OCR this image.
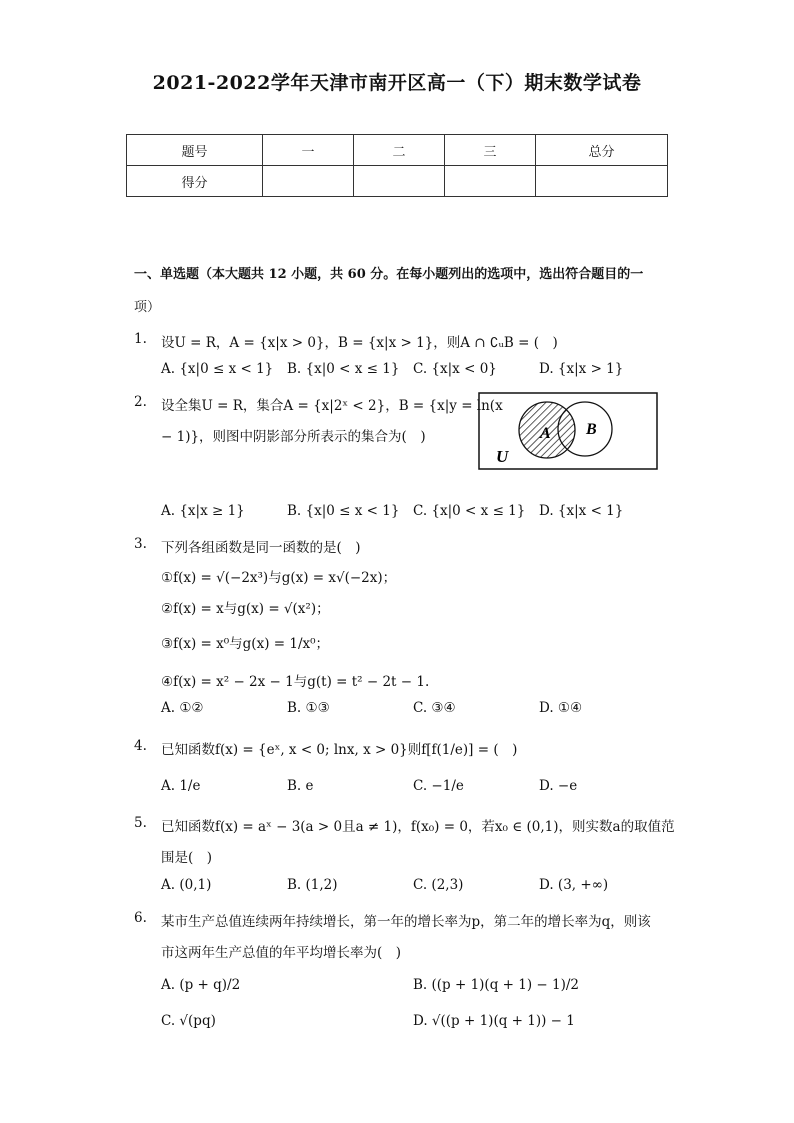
2021-2022学年天津市南开区高一（下）期末数学试卷
题号	一	二	三	总分
得分				
一、单选题（本大题共 12 小题，共 60 分。在每小题列出的选项中，选出符合题目的一
项）
1. 设U = R，A = {x|x > 0}，B = {x|x > 1}，则A ∩ ∁ᵤB = (　)
A. {x|0 ≤ x < 1} B. {x|0 < x ≤ 1} C. {x|x < 0}	D. {x|x > 1}
2. 设全集U = R，集合A = {x|2ˣ < 2}，B = {x|y = ln(x
− 1)}，则图中阴影部分所表示的集合为(　)	A B
U
A. {x|x ≥ 1}	B. {x|0 ≤ x < 1} C. {x|0 < x ≤ 1} D. {x|x < 1}
3. 下列各组函数是同一函数的是(　)
①f(x) = √(−2x³)与g(x) = x√(−2x)；
②f(x) = x与g(x) = √(x²)；
③f(x) = x⁰与g(x) = 1/x⁰；
④f(x) = x² − 2x − 1与g(t) = t² − 2t − 1.
A. ①②	B. ①③	C. ③④	D. ①④
4. 已知函数f(x) = {eˣ, x < 0; lnx, x > 0}则f[f(1/e)] = (　)
A. 1/e	B. e	C. −1/e	D. −e
5. 已知函数f(x) = aˣ − 3(a > 0且a ≠ 1)，f(x₀) = 0，若x₀ ∈ (0,1)，则实数a的取值范
围是(　)
A. (0,1)	B. (1,2)	C. (2,3)	D. (3, +∞)
6. 某市生产总值连续两年持续增长，第一年的增长率为p，第二年的增长率为q，则该
市这两年生产总值的年平均增长率为(　)
A. (p + q)/2	B. ((p + 1)(q + 1) − 1)/2
C. √(pq)	D. √((p + 1)(q + 1)) − 1
